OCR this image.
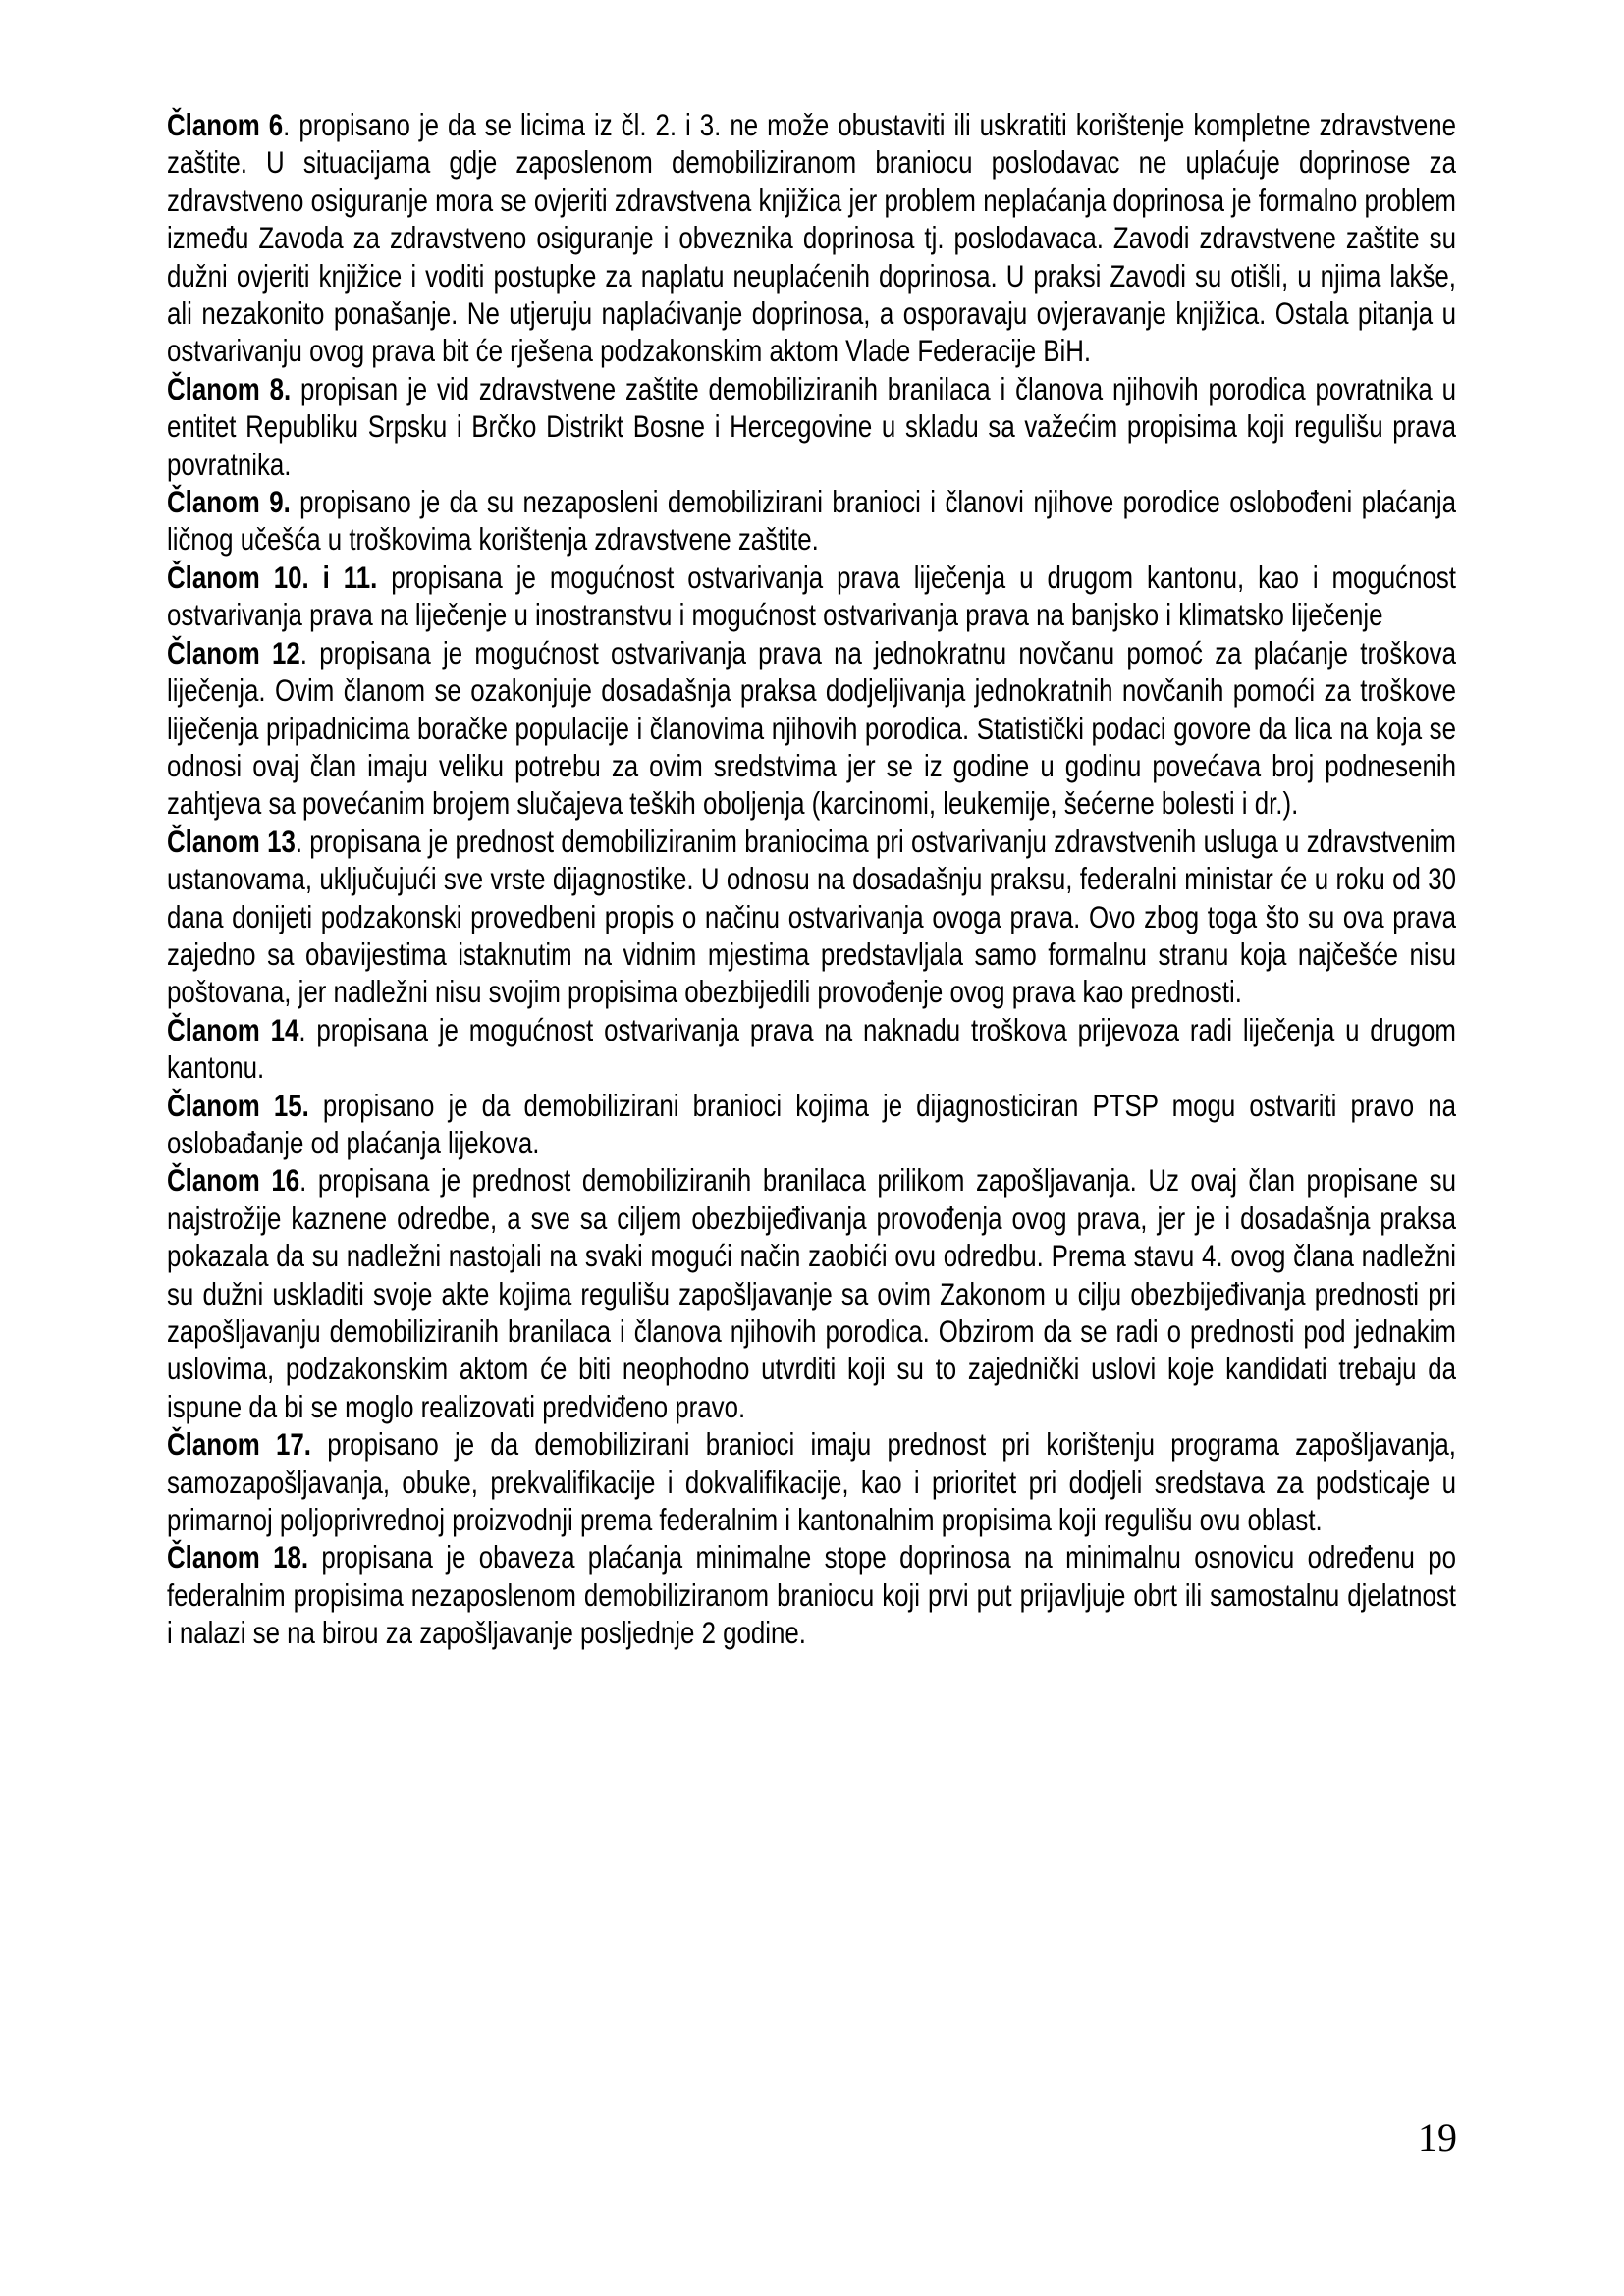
Članom 6. propisano je da se licima iz čl. 2. i 3. ne može obustaviti ili uskratiti korištenje kompletne zdravstvene zaštite. U situacijama gdje zaposlenom demobiliziranom braniocu poslodavac ne uplaćuje doprinose za zdravstveno osiguranje mora se ovjeriti zdravstvena knjižica jer problem neplaćanja doprinosa je formalno problem između Zavoda za zdravstveno osiguranje i obveznika doprinosa tj. poslodavaca. Zavodi zdravstvene zaštite su dužni ovjeriti knjižice i voditi postupke za naplatu neuplaćenih doprinosa. U praksi Zavodi su otišli, u njima lakše, ali nezakonito ponašanje. Ne utjeruju naplaćivanje doprinosa, a osporavaju ovjeravanje knjižica. Ostala pitanja u ostvarivanju ovog prava bit će rješena podzakonskim aktom Vlade Federacije BiH.

Članom 8. propisan je vid zdravstvene zaštite demobiliziranih branilaca i članova njihovih porodica povratnika u entitet Republiku Srpsku i Brčko Distrikt Bosne i Hercegovine u skladu sa važećim propisima koji regulišu prava povratnika.

Članom 9. propisano je da su nezaposleni demobilizirani branioci i članovi njihove porodice oslobođeni plaćanja ličnog učešća u troškovima korištenja zdravstvene zaštite.

Članom 10. i 11. propisana je mogućnost ostvarivanja prava liječenja u drugom kantonu, kao i mogućnost ostvarivanja prava na liječenje u inostranstvu i mogućnost ostvarivanja prava na banjsko i klimatsko liječenje

Članom 12. propisana je mogućnost ostvarivanja prava na jednokratnu novčanu pomoć za plaćanje troškova liječenja. Ovim članom se ozakonjuje dosadašnja praksa dodjeljivanja jednokratnih novčanih pomoći za troškove liječenja pripadnicima boračke populacije i članovima njihovih porodica. Statistički podaci govore da lica na koja se odnosi ovaj član imaju veliku potrebu za ovim sredstvima jer se iz godine u godinu povećava broj podnesenih zahtjeva sa povećanim brojem slučajeva teških oboljenja (karcinomi, leukemije, šećerne bolesti i dr.).

Članom 13. propisana je prednost demobiliziranim braniocima pri ostvarivanju zdravstvenih usluga u zdravstvenim ustanovama, uključujući sve vrste dijagnostike. U odnosu na dosadašnju praksu, federalni ministar će u roku od 30 dana donijeti podzakonski provedbeni propis o načinu ostvarivanja ovoga prava. Ovo zbog toga što su ova prava zajedno sa obavijestima istaknutim na vidnim mjestima predstavljala samo formalnu stranu koja najčešće nisu poštovana, jer nadležni nisu svojim propisima obezbijedili provođenje ovog prava kao prednosti.

Članom 14. propisana je mogućnost ostvarivanja prava na naknadu troškova prijevoza radi liječenja u drugom kantonu.

Članom 15. propisano je da demobilizirani branioci kojima je dijagnosticiran PTSP mogu ostvariti pravo na oslobađanje od plaćanja lijekova.

Članom 16. propisana je prednost demobiliziranih branilaca prilikom zapošljavanja. Uz ovaj član propisane su najstrožije kaznene odredbe, a sve sa ciljem obezbijeđivanja provođenja ovog prava, jer je i dosadašnja praksa pokazala da su nadležni nastojali na svaki mogući način zaobići ovu odredbu. Prema stavu 4. ovog člana nadležni su dužni uskladiti svoje akte kojima regulišu zapošljavanje sa ovim Zakonom u cilju obezbijeđivanja prednosti pri zapošljavanju demobiliziranih branilaca i članova njihovih porodica. Obzirom da se radi o prednosti pod jednakim uslovima, podzakonskim aktom će biti neophodno utvrditi koji su to zajednički uslovi koje kandidati trebaju da ispune da bi se moglo realizovati predviđeno pravo.

Članom 17. propisano je da demobilizirani branioci imaju prednost pri korištenju programa zapošljavanja, samozapošljavanja, obuke, prekvalifikacije i dokvalifikacije, kao i prioritet pri dodjeli sredstava za podsticaje u primarnoj poljoprivrednoj proizvodnji prema federalnim i kantonalnim propisima koji regulišu ovu oblast.

Članom 18. propisana je obaveza plaćanja minimalne stope doprinosa na minimalnu osnovicu određenu po federalnim propisima nezaposlenom demobiliziranom braniocu koji prvi put prijavljuje obrt ili samostalnu djelatnost i nalazi se na birou za zapošljavanje posljednje 2 godine.

19
